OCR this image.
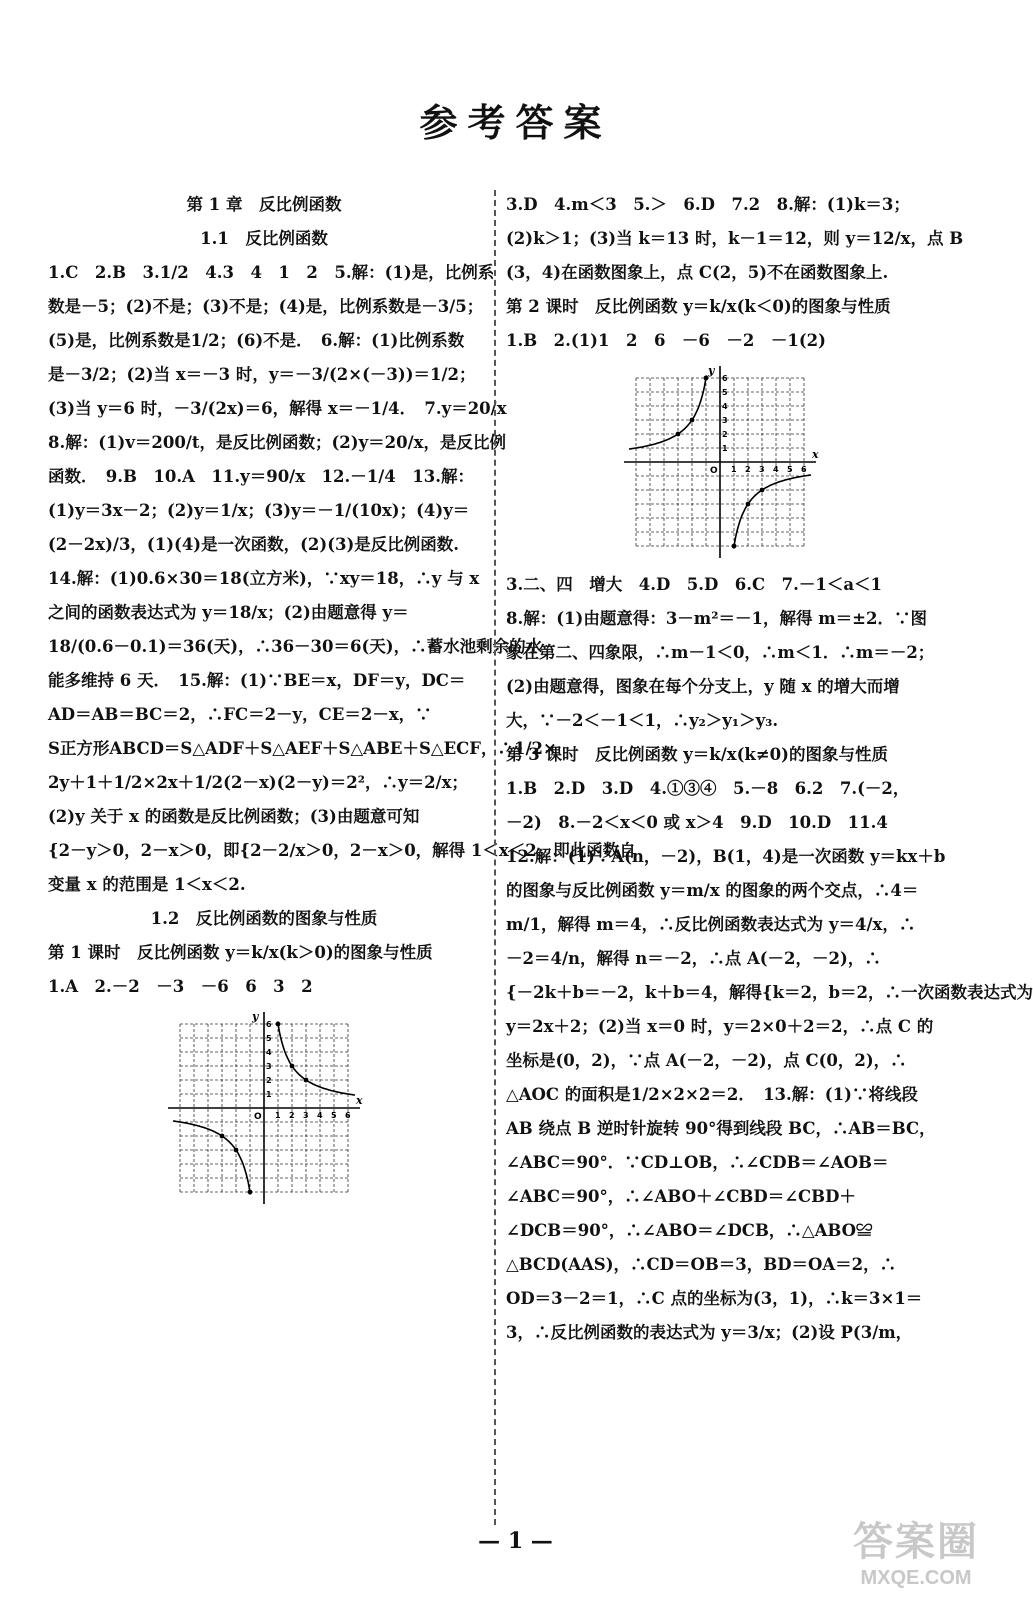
参考答案
第 1 章　反比例函数
1.1　反比例函数
1.C　2.B　3.1/2　4.3　4　1　2　5.解：(1)是，比例系
数是－5；(2)不是；(3)不是；(4)是，比例系数是－3/5；
(5)是，比例系数是1/2；(6)不是．　6.解：(1)比例系数
是－3/2；(2)当 x＝－3 时，y＝－3/(2×(－3))＝1/2；
(3)当 y＝6 时，－3/(2x)＝6，解得 x＝－1/4．　7.y＝20/x
8.解：(1)v＝200/t，是反比例函数；(2)y＝20/x，是反比例
函数．　9.B　10.A　11.y＝90/x　12.－1/4　13.解：
(1)y＝3x－2；(2)y＝1/x；(3)y＝－1/(10x)；(4)y＝
(2－2x)/3，(1)(4)是一次函数，(2)(3)是反比例函数.
14.解：(1)0.6×30＝18(立方米)，∵xy＝18，∴y 与 x
之间的函数表达式为 y＝18/x；(2)由题意得 y＝
18/(0.6－0.1)＝36(天)，∴36－30＝6(天)，∴蓄水池剩余的水
能多维持 6 天．　15.解：(1)∵BE＝x，DF＝y，DC＝
AD＝AB＝BC＝2，∴FC＝2－y，CE＝2－x，∵
S正方形ABCD＝S△ADF＋S△AEF＋S△ABE＋S△ECF，∴1/2×
2y＋1＋1/2×2x＋1/2(2－x)(2－y)＝2²，∴y＝2/x；
(2)y 关于 x 的函数是反比例函数；(3)由题意可知
{2－y＞0，2－x＞0，即{2－2/x＞0，2－x＞0，解得 1＜x＜2，即此函数自
变量 x 的范围是 1＜x＜2.
1.2　反比例函数的图象与性质
第 1 课时　反比例函数 y＝k/x(k＞0)的图象与性质
1.A　2.－2　－3　－6　6　3　2
x
y
O 1
1
2
2
3
3
4
4
5
5
6
6
3.D　4.m＜3　5.＞　6.D　7.2　8.解：(1)k＝3；
(2)k＞1；(3)当 k＝13 时，k－1＝12，则 y＝12/x，点 B
(3，4)在函数图象上，点 C(2，5)不在函数图象上.
第 2 课时　反比例函数 y＝k/x(k＜0)的图象与性质
1.B　2.(1)1　2　6　－6　－2　－1(2)
x
y
O 1
1
2
2
3
3
4
4
5
5
6
6
3.二、四　增大　4.D　5.D　6.C　7.－1＜a＜1
8.解：(1)由题意得：3－m²＝－1，解得 m＝±2．∵图
象在第二、四象限，∴m－1＜0，∴m＜1．∴m＝－2；
(2)由题意得，图象在每个分支上，y 随 x 的增大而增
大，∵－2＜－1＜1，∴y₂＞y₁＞y₃.
第 3 课时　反比例函数 y＝k/x(k≠0)的图象与性质
1.B　2.D　3.D　4.①③④　5.－8　6.2　7.(－2，
－2)　8.－2＜x＜0 或 x＞4　9.D　10.D　11.4
12.解：(1)∵A(n，－2)，B(1，4)是一次函数 y＝kx＋b
的图象与反比例函数 y＝m/x 的图象的两个交点，∴4＝
m/1，解得 m＝4，∴反比例函数表达式为 y＝4/x，∴
－2＝4/n，解得 n＝－2，∴点 A(－2，－2)，∴
{－2k＋b＝－2，k＋b＝4，解得{k＝2，b＝2，∴一次函数表达式为
y＝2x＋2；(2)当 x＝0 时，y＝2×0＋2＝2，∴点 C 的
坐标是(0，2)，∵点 A(－2，－2)，点 C(0，2)，∴
△AOC 的面积是1/2×2×2＝2．　13.解：(1)∵将线段
AB 绕点 B 逆时针旋转 90°得到线段 BC，∴AB＝BC，
∠ABC＝90°．∵CD⊥OB，∴∠CDB＝∠AOB＝
∠ABC＝90°，∴∠ABO＋∠CBD＝∠CBD＋
∠DCB＝90°，∴∠ABO＝∠DCB，∴△ABO≌
△BCD(AAS)，∴CD＝OB＝3，BD＝OA＝2，∴
OD＝3－2＝1，∴C 点的坐标为(3，1)，∴k＝3×1＝
3，∴反比例函数的表达式为 y＝3/x；(2)设 P(3/m，
— 1 —	答案圈
MXQE.COM
